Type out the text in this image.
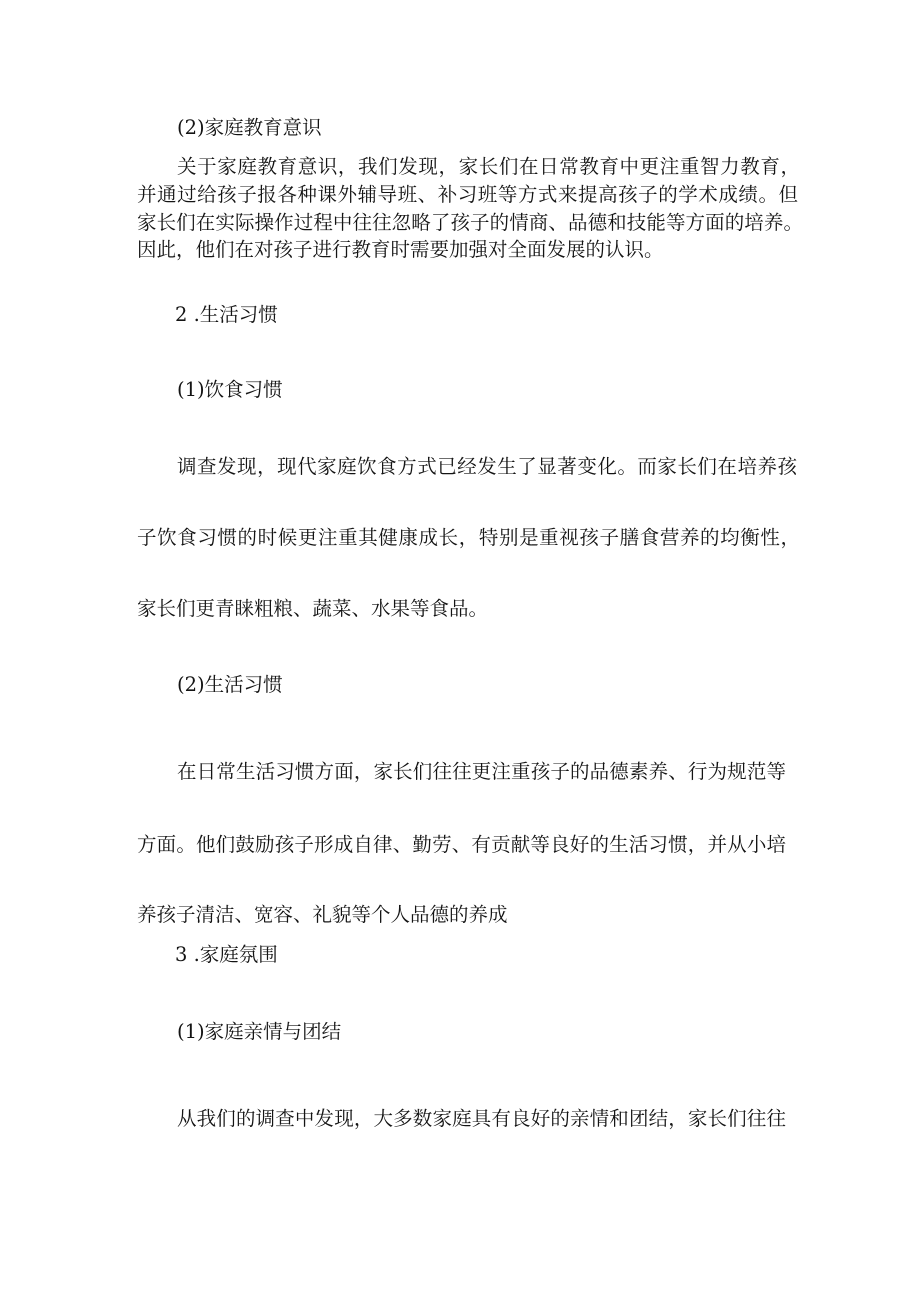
(2)家庭教育意识
关于家庭教育意识，我们发现，家长们在日常教育中更注重智力教育，
并通过给孩子报各种课外辅导班、补习班等方式来提高孩子的学术成绩。但
家长们在实际操作过程中往往忽略了孩子的情商、品德和技能等方面的培养。
因此，他们在对孩子进行教育时需要加强对全面发展的认识。
2 .生活习惯
(1)饮食习惯
调查发现，现代家庭饮食方式已经发生了显著变化。而家长们在培养孩
子饮食习惯的时候更注重其健康成长，特别是重视孩子膳食营养的均衡性，
家长们更青睐粗粮、蔬菜、水果等食品。
(2)生活习惯
在日常生活习惯方面，家长们往往更注重孩子的品德素养、行为规范等
方面。他们鼓励孩子形成自律、勤劳、有贡献等良好的生活习惯，并从小培
养孩子清洁、宽容、礼貌等个人品德的养成
3 .家庭氛围
(1)家庭亲情与团结
从我们的调查中发现，大多数家庭具有良好的亲情和团结，家长们往往
